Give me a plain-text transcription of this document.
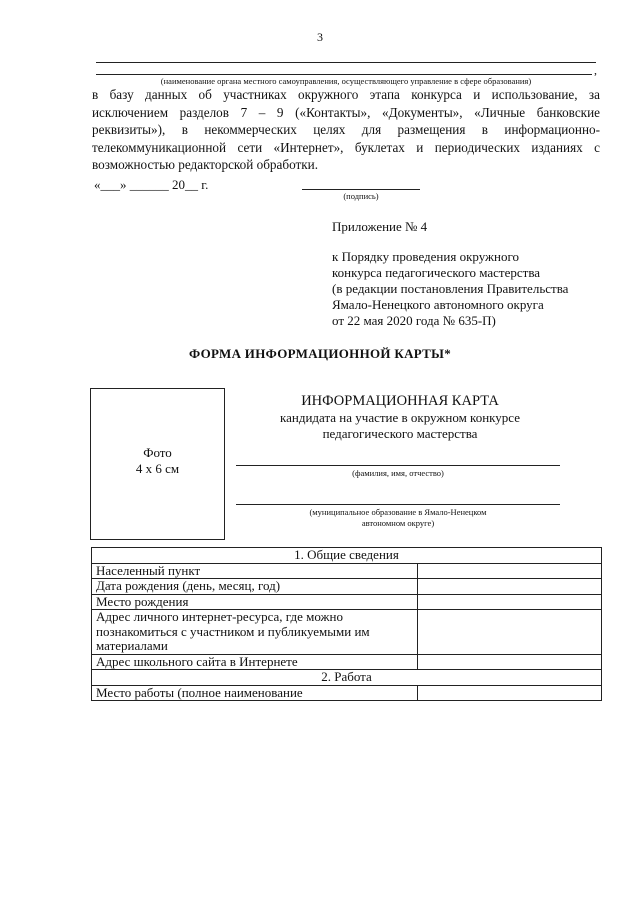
3
,
(наименование органа местного самоуправления, осуществляющего управление в сфере образования)
в базу данных об участниках окружного этапа конкурса и использование, за
исключением разделов 7 – 9 («Контакты», «Документы», «Личные банковские
реквизиты»), в некоммерческих целях для размещения в информационно-
телекоммуникационной сети «Интернет», буклетах и периодических изданиях с
возможностью редакторской обработки.
«___» ______ 20__ г.
(подпись)
Приложение № 4
к Порядку проведения окружного
конкурса педагогического мастерства
(в редакции постановления Правительства
Ямало-Ненецкого автономного округа
от 22 мая 2020 года № 635-П)
ФОРМА ИНФОРМАЦИОННОЙ КАРТЫ*
Фото
4 х 6 см
ИНФОРМАЦИОННАЯ КАРТА
кандидата на участие в окружном конкурсе
педагогического мастерства
(фамилия, имя, отчество)
(муниципальное образование в Ямало-Ненецком
автономном округе)
1. Общие сведения	
Населенный пункт	
Дата рождения (день, месяц, год)	
Место рождения	

Адрес личного интернет-ресурса, где можно
познакомиться с участником и публикуемыми им
материалами	

Адрес школьного сайта в Интернете	
2. Работа	
Место работы (полное наименование	
